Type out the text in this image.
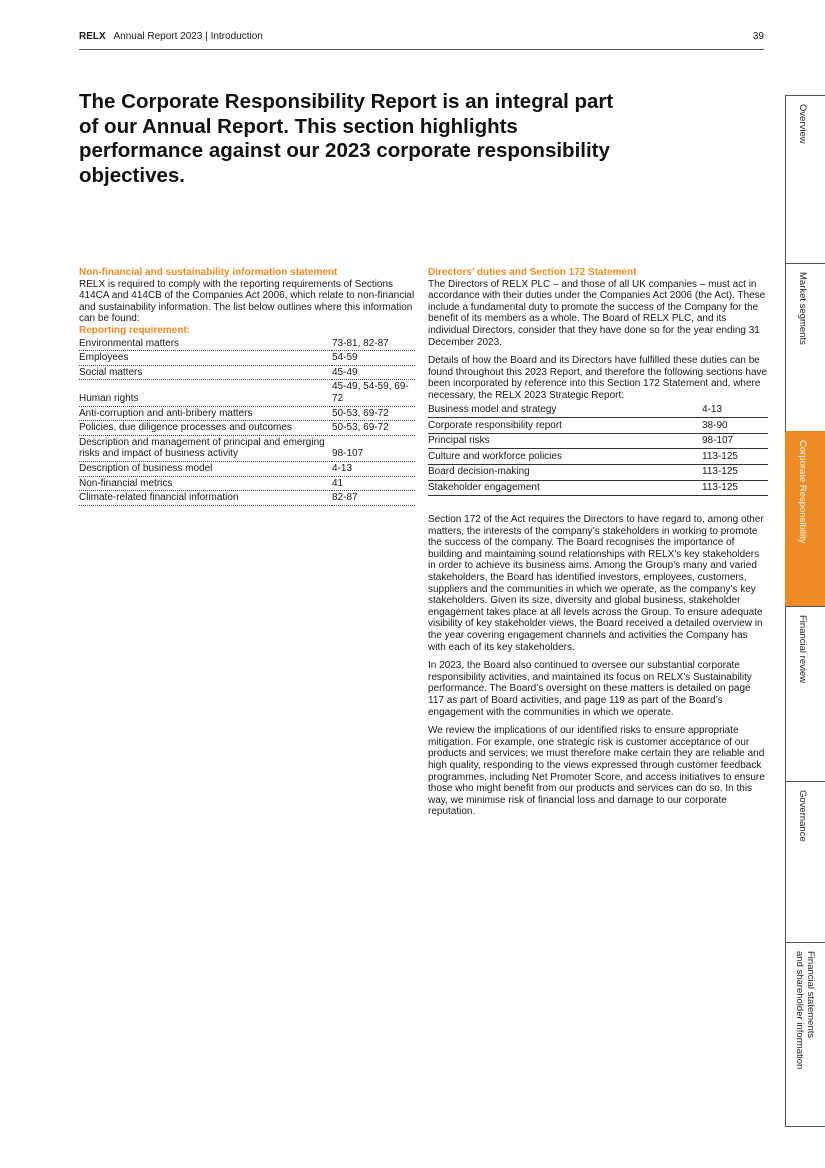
RELX Annual Report 2023 | Introduction	39
The Corporate Responsibility Report is an integral part of our Annual Report. This section highlights performance against our 2023 corporate responsibility objectives.
Non-financial and sustainability information statement

RELX is required to comply with the reporting requirements of Sections 414CA and 414CB of the Companies Act 2006, which relate to non-financial and sustainability information. The list below outlines where this information can be found:

Reporting requirement:
Environmental matters	73-81, 82-87
Employees	54-59
Social matters	45-49
Human rights	45-49, 54-59, 69-72
Anti-corruption and anti-bribery matters	50-53, 69-72
Policies, due diligence processes and outcomes	50-53, 69-72
Description and management of principal and emerging risks and impact of business activity	98-107
Description of business model	4-13
Non-financial metrics	41
Climate-related financial information	82-87
Directors’ duties and Section 172 Statement

The Directors of RELX PLC – and those of all UK companies – must act in accordance with their duties under the Companies Act 2006 (the Act). These include a fundamental duty to promote the success of the Company for the benefit of its members as a whole. The Board of RELX PLC, and its individual Directors, consider that they have done so for the year ending 31 December 2023.

Details of how the Board and its Directors have fulfilled these duties can be found throughout this 2023 Report, and therefore the following sections have been incorporated by reference into this Section 172 Statement and, where necessary, the RELX 2023 Strategic Report:

Business model and strategy	4-13
Corporate responsibility report	38-90
Principal risks	98-107
Culture and workforce policies	113-125
Board decision-making	113-125
Stakeholder engagement	113-125

Section 172 of the Act requires the Directors to have regard to, among other matters, the interests of the company’s stakeholders in working to promote the success of the company. The Board recognises the importance of building and maintaining sound relationships with RELX’s key stakeholders in order to achieve its business aims. Among the Group’s many and varied stakeholders, the Board has identified investors, employees, customers, suppliers and the communities in which we operate, as the company’s key stakeholders. Given its size, diversity and global business, stakeholder engagement takes place at all levels across the Group. To ensure adequate visibility of key stakeholder views, the Board received a detailed overview in the year covering engagement channels and activities the Company has with each of its key stakeholders.

In 2023, the Board also continued to oversee our substantial corporate responsibility activities, and maintained its focus on RELX’s Sustainability performance. The Board’s oversight on these matters is detailed on page 117 as part of Board activities, and page 119 as part of the Board’s engagement with the communities in which we operate.

We review the implications of our identified risks to ensure appropriate mitigation. For example, one strategic risk is customer acceptance of our products and services; we must therefore make certain they are reliable and high quality, responding to the views expressed through customer feedback programmes, including Net Promoter Score, and access initiatives to ensure those who might benefit from our products and services can do so. In this way, we minimise risk of financial loss and damage to our corporate reputation.

Overview
Market segments
Corporate Responsibility
Financial review
Governance
Financial statements
and shareholder information
